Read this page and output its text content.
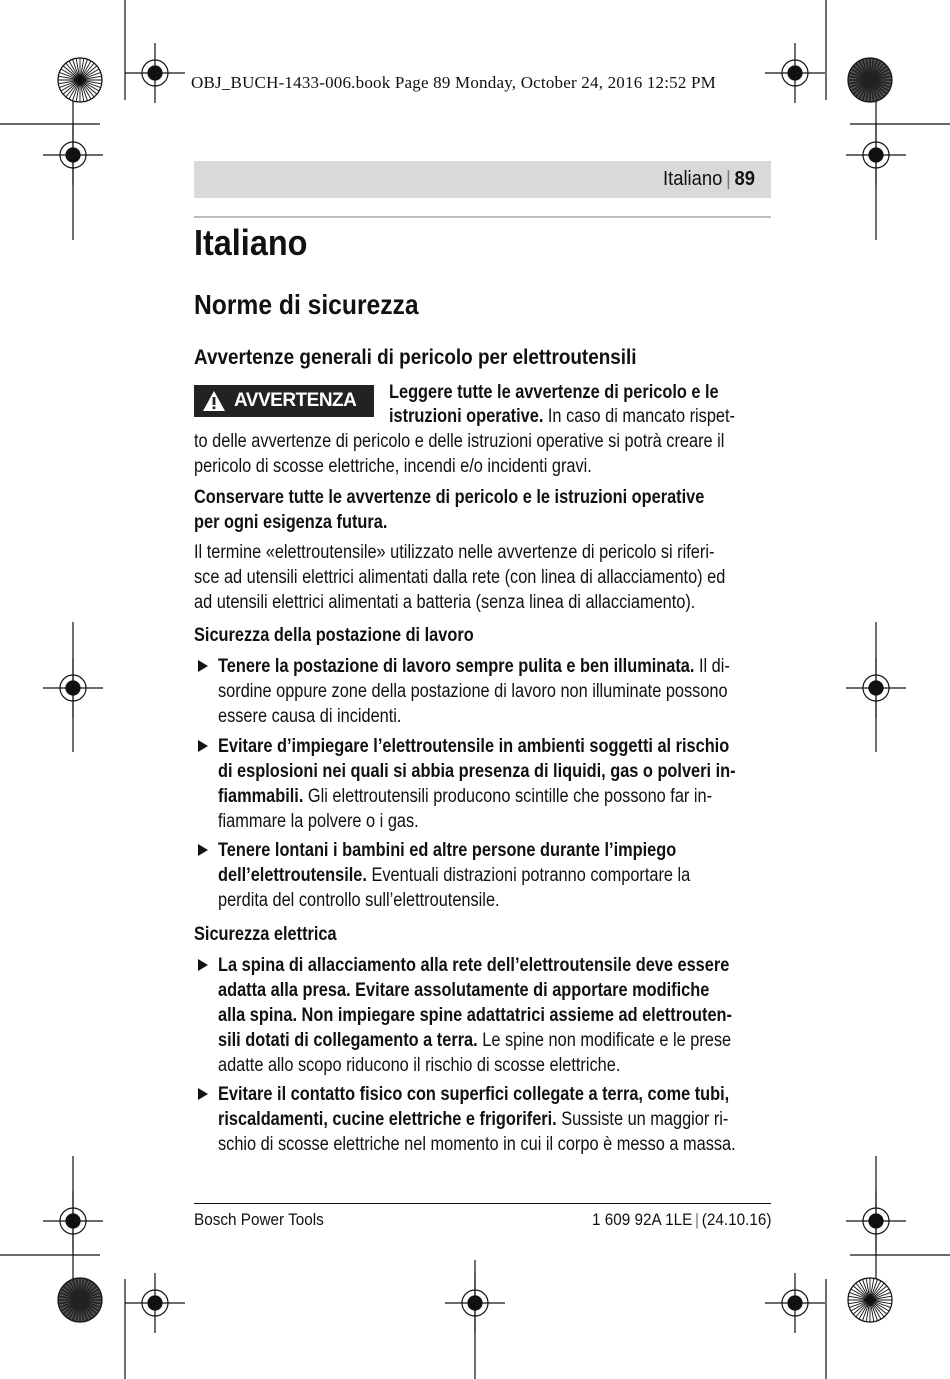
OBJ_BUCH-1433-006.book Page 89 Monday, October 24, 2016 12:52 PM
Italiano | 89
Italiano
Norme di sicurezza
Avvertenze generali di pericolo per elettroutensili
AVVERTENZA Leggere tutte le avvertenze di pericolo e le
istruzioni operative. In caso di mancato rispet-
to delle avvertenze di pericolo e delle istruzioni operative si potrà creare il
pericolo di scosse elettriche, incendi e/o incidenti gravi.
Conservare tutte le avvertenze di pericolo e le istruzioni operative
per ogni esigenza futura.
Il termine «elettroutensile» utilizzato nelle avvertenze di pericolo si riferi-
sce ad utensili elettrici alimentati dalla rete (con linea di allacciamento) ed
ad utensili elettrici alimentati a batteria (senza linea di allacciamento).
Sicurezza della postazione di lavoro
Tenere la postazione di lavoro sempre pulita e ben illuminata. Il di-
sordine oppure zone della postazione di lavoro non illuminate possono
essere causa di incidenti.
Evitare d’impiegare l’elettroutensile in ambienti soggetti al rischio
di esplosioni nei quali si abbia presenza di liquidi, gas o polveri in-
fiammabili. Gli elettroutensili producono scintille che possono far in-
fiammare la polvere o i gas.
Tenere lontani i bambini ed altre persone durante l’impiego
dell’elettroutensile. Eventuali distrazioni potranno comportare la
perdita del controllo sull’elettroutensile.
Sicurezza elettrica
La spina di allacciamento alla rete dell’elettroutensile deve essere
adatta alla presa. Evitare assolutamente di apportare modifiche
alla spina. Non impiegare spine adattatrici assieme ad elettrouten-
sili dotati di collegamento a terra. Le spine non modificate e le prese
adatte allo scopo riducono il rischio di scosse elettriche.
Evitare il contatto fisico con superfici collegate a terra, come tubi,
riscaldamenti, cucine elettriche e frigoriferi. Sussiste un maggior ri-
schio di scosse elettriche nel momento in cui il corpo è messo a massa.
Bosch Power Tools	1 609 92A 1LE | (24.10.16)
